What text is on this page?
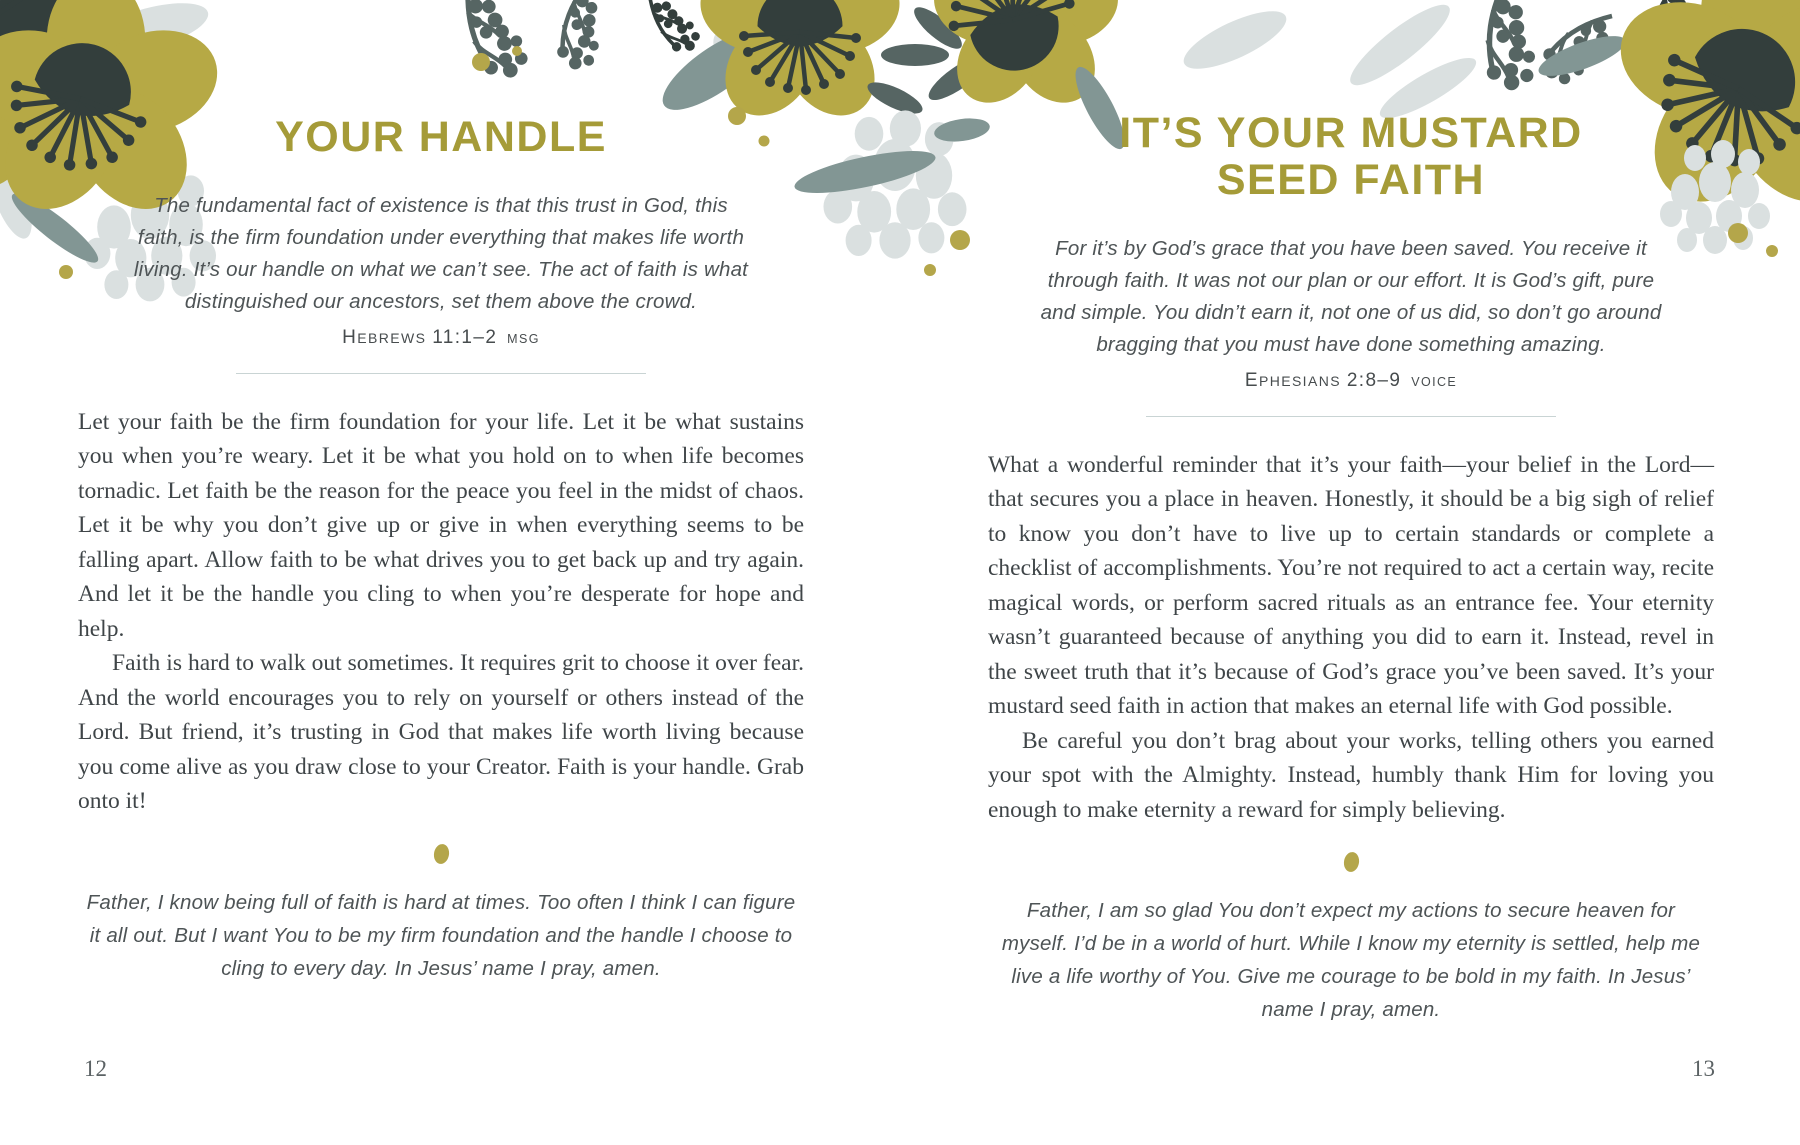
YOUR HANDLE
The fundamental fact of existence is that this trust in God, this faith, is the firm foundation under everything that makes life worth living. It’s our handle on what we can’t see. The act of faith is what distinguished our ancestors, set them above the crowd.
HEBREWS 11:1–2 MSG

Let your faith be the firm foundation for your life. Let it be what sustains you when you’re weary. Let it be what you hold on to when life becomes tornadic. Let faith be the reason for the peace you feel in the midst of chaos. Let it be why you don’t give up or give in when everything seems to be falling apart. Allow faith to be what drives you to get back up and try again. And let it be the handle you cling to when you’re desperate for hope and help.

Faith is hard to walk out sometimes. It requires grit to choose it over fear. And the world encourages you to rely on yourself or others instead of the Lord. But friend, it’s trusting in God that makes life worth living because you come alive as you draw close to your Creator. Faith is your handle. Grab onto it!

Father, I know being full of faith is hard at times. Too often I think I can figure it all out. But I want You to be my firm foundation and the handle I choose to cling to every day. In Jesus’ name I pray, amen.
IT’S YOUR MUSTARD
SEED FAITH
For it’s by God’s grace that you have been saved. You receive it through faith. It was not our plan or our effort. It is God’s gift, pure and simple. You didn’t earn it, not one of us did, so don’t go around bragging that you must have done something amazing.
EPHESIANS 2:8–9 VOICE

What a wonderful reminder that it’s your faith—your belief in the Lord—that secures you a place in heaven. Honestly, it should be a big sigh of relief to know you don’t have to live up to certain standards or complete a checklist of accomplishments. You’re not required to act a certain way, recite magical words, or perform sacred rituals as an entrance fee. Your eternity wasn’t guaranteed because of anything you did to earn it. Instead, revel in the sweet truth that it’s because of God’s grace you’ve been saved. It’s your mustard seed faith in action that makes an eternal life with God possible.

Be careful you don’t brag about your works, telling others you earned your spot with the Almighty. Instead, humbly thank Him for loving you enough to make eternity a reward for simply believing.

Father, I am so glad You don’t expect my actions to secure heaven for myself. I’d be in a world of hurt. While I know my eternity is settled, help me live a life worthy of You. Give me courage to be bold in my faith. In Jesus’ name I pray, amen.
12	13
